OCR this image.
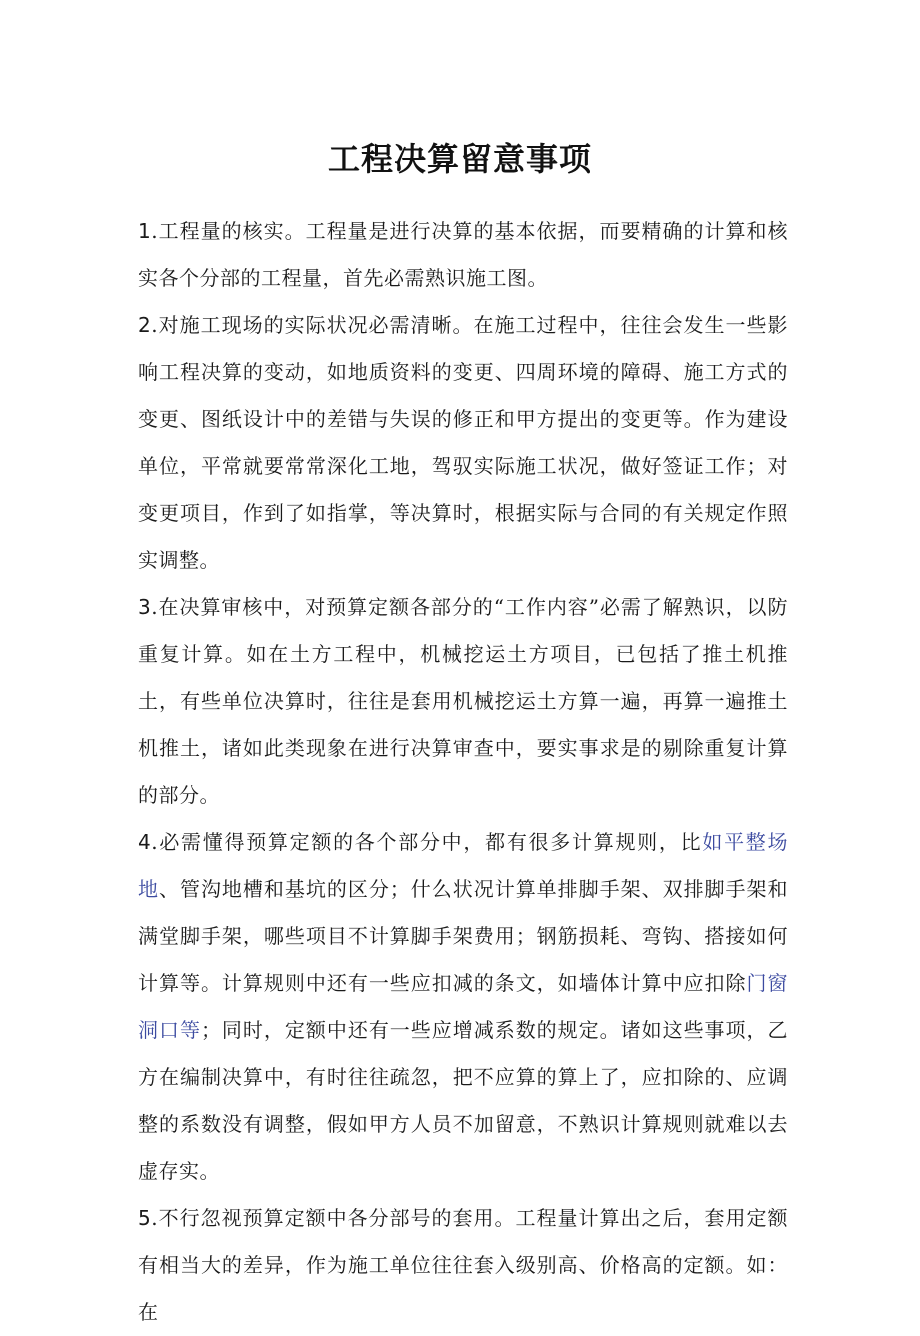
工程决算留意事项

1.工程量的核实。工程量是进行决算的基本依据，而要精确的计算和核实各个分部的工程量，首先必需熟识施工图。

2.对施工现场的实际状况必需清晰。在施工过程中，往往会发生一些影响工程决算的变动，如地质资料的变更、四周环境的障碍、施工方式的变更、图纸设计中的差错与失误的修正和甲方提出的变更等。作为建设单位，平常就要常常深化工地，驾驭实际施工状况，做好签证工作；对变更项目，作到了如指掌，等决算时，根据实际与合同的有关规定作照实调整。

3.在决算审核中，对预算定额各部分的“工作内容”必需了解熟识，以防重复计算。如在土方工程中，机械挖运土方项目，已包括了推土机推土，有些单位决算时，往往是套用机械挖运土方算一遍，再算一遍推土机推土，诸如此类现象在进行决算审查中，要实事求是的剔除重复计算的部分。

4.必需懂得预算定额的各个部分中，都有很多计算规则，比如平整场地、管沟地槽和基坑的区分；什么状况计算单排脚手架、双排脚手架和满堂脚手架，哪些项目不计算脚手架费用；钢筋损耗、弯钩、搭接如何计算等。计算规则中还有一些应扣减的条文，如墙体计算中应扣除门窗洞口等；同时，定额中还有一些应增减系数的规定。诸如这些事项，乙方在编制决算中，有时往往疏忽，把不应算的算上了，应扣除的、应调整的系数没有调整，假如甲方人员不加留意，不熟识计算规则就难以去虚存实。

5.不行忽视预算定额中各分部号的套用。工程量计算出之后，套用定额有相当大的差异，作为施工单位往往套入级别高、价格高的定额。如：在
